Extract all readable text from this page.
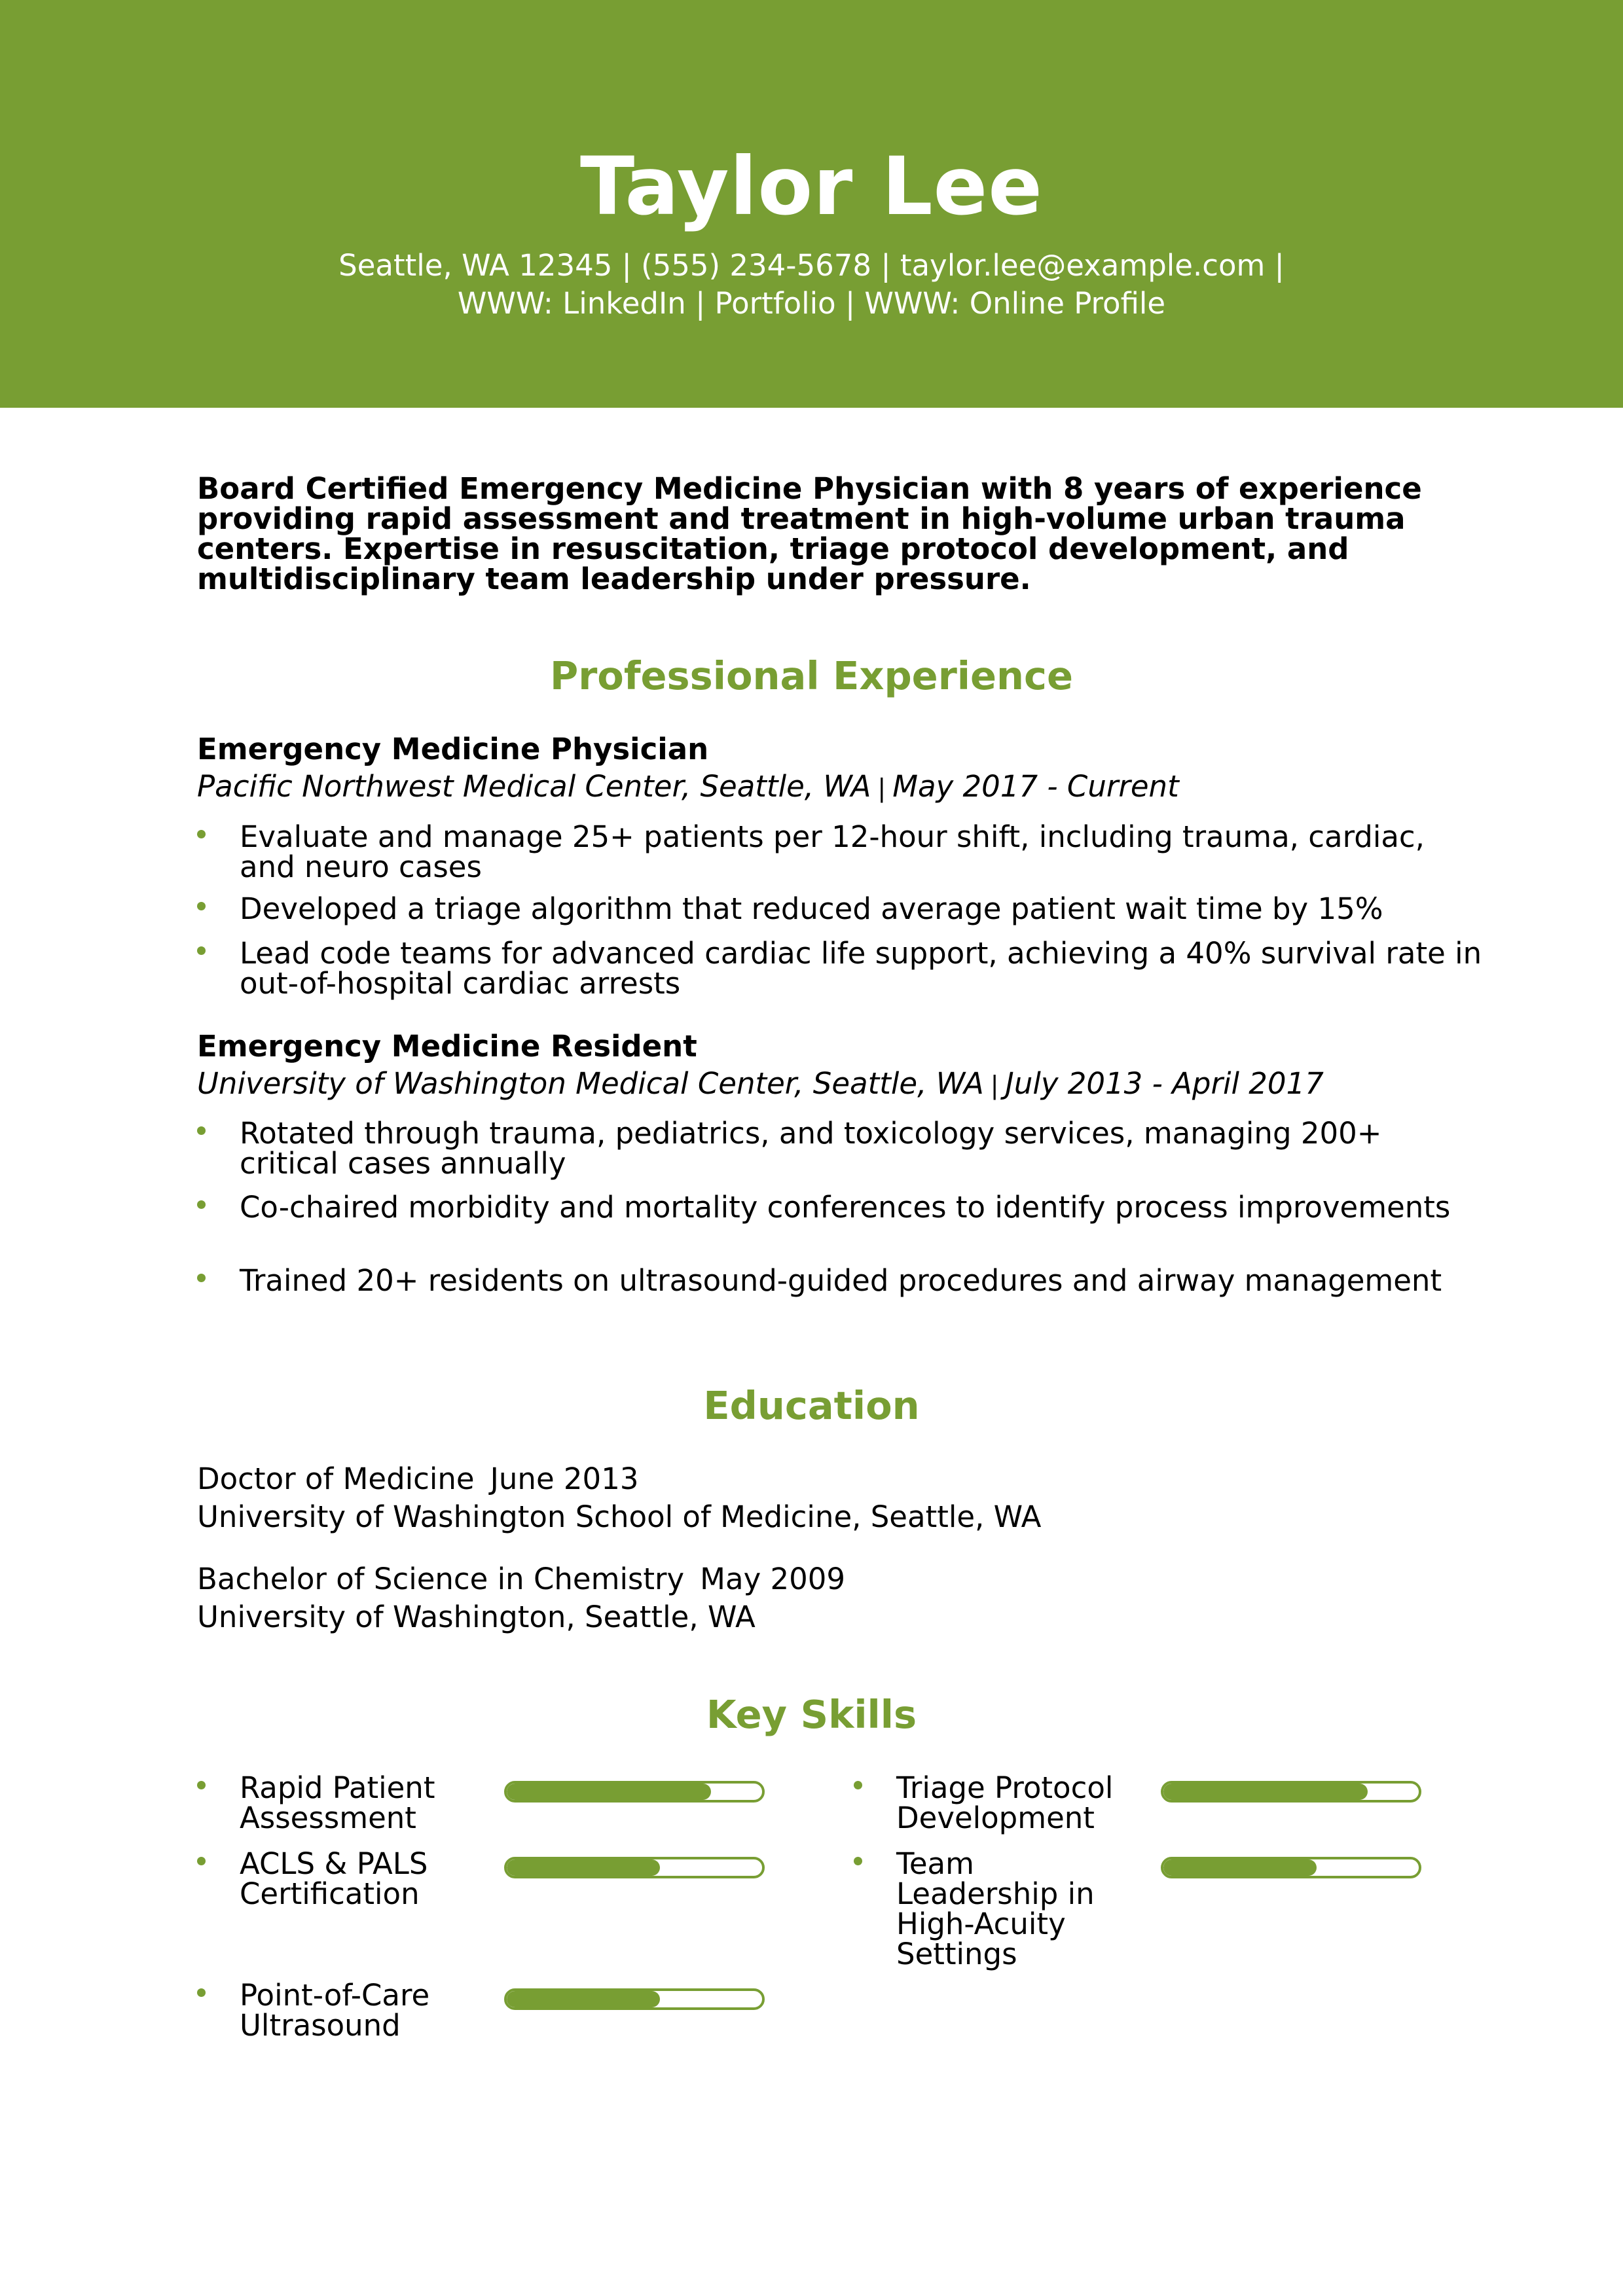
Taylor Lee
Seattle, WA 12345 | (555) 234-5678 | taylor.lee@example.com |
WWW: LinkedIn | Portfolio | WWW: Online Profile
Board Certified Emergency Medicine Physician with 8 years of experience providing rapid assessment and treatment in high-volume urban trauma centers. Expertise in resuscitation, triage protocol development, and multidisciplinary team leadership under pressure.
Professional Experience
Emergency Medicine Physician
Pacific Northwest Medical Center, Seattle, WA | May 2017 - Current
Evaluate and manage 25+ patients per 12-hour shift, including trauma, cardiac, and neuro cases
Developed a triage algorithm that reduced average patient wait time by 15%
Lead code teams for advanced cardiac life support, achieving a 40% survival rate in out-of-hospital cardiac arrests
Emergency Medicine Resident
University of Washington Medical Center, Seattle, WA | July 2013 - April 2017
Rotated through trauma, pediatrics, and toxicology services, managing 200+ critical cases annually
Co-chaired morbidity and mortality conferences to identify process improvements
Trained 20+ residents on ultrasound-guided procedures and airway management
Education
Doctor of Medicine June 2013
University of Washington School of Medicine, Seattle, WA
Bachelor of Science in Chemistry May 2009
University of Washington, Seattle, WA
Key Skills
Rapid Patient Assessment
Triage Protocol Development
ACLS & PALS Certification
Team Leadership in High-Acuity Settings
Point-of-Care Ultrasound
